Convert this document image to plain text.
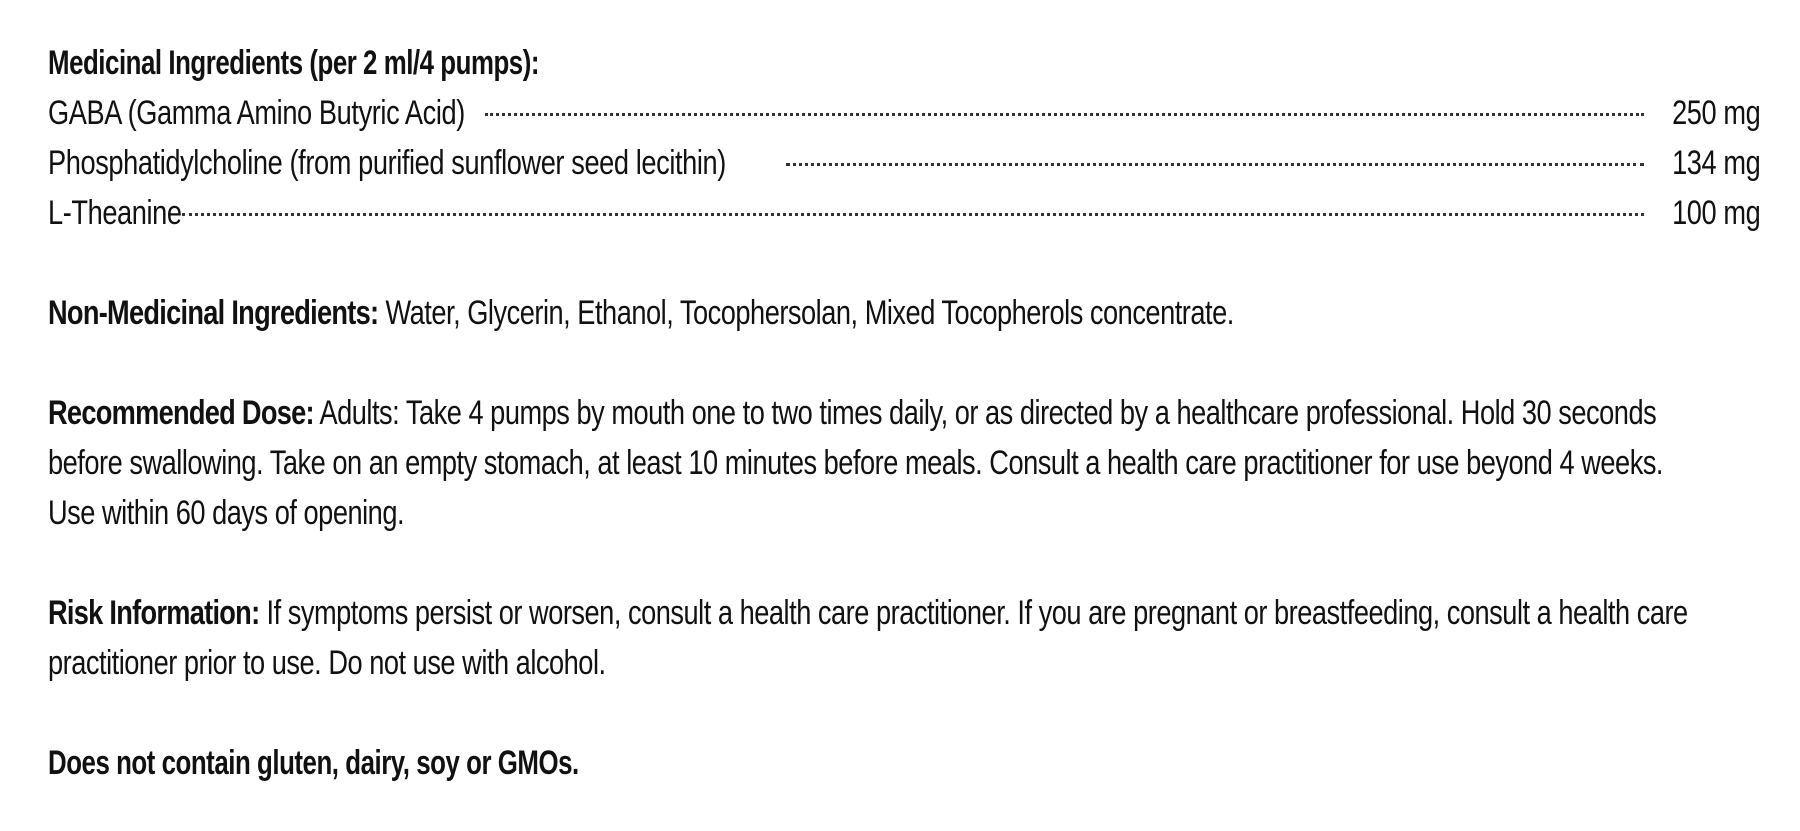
Medicinal Ingredients (per 2 ml/4 pumps):

GABA (Gamma Amino Butyric Acid)	250 mg
Phosphatidylcholine (from purified sunflower seed lecithin)	134 mg
L-Theanine	100 mg

Non-Medicinal Ingredients: Water, Glycerin, Ethanol, Tocophersolan, Mixed Tocopherols concentrate.

Recommended Dose: Adults: Take 4 pumps by mouth one to two times daily, or as directed by a healthcare professional. Hold 30 seconds

before swallowing. Take on an empty stomach, at least 10 minutes before meals. Consult a health care practitioner for use beyond 4 weeks.

Use within 60 days of opening.

Risk Information: If symptoms persist or worsen, consult a health care practitioner. If you are pregnant or breastfeeding, consult a health care

practitioner prior to use. Do not use with alcohol.

Does not contain gluten, dairy, soy or GMOs.
